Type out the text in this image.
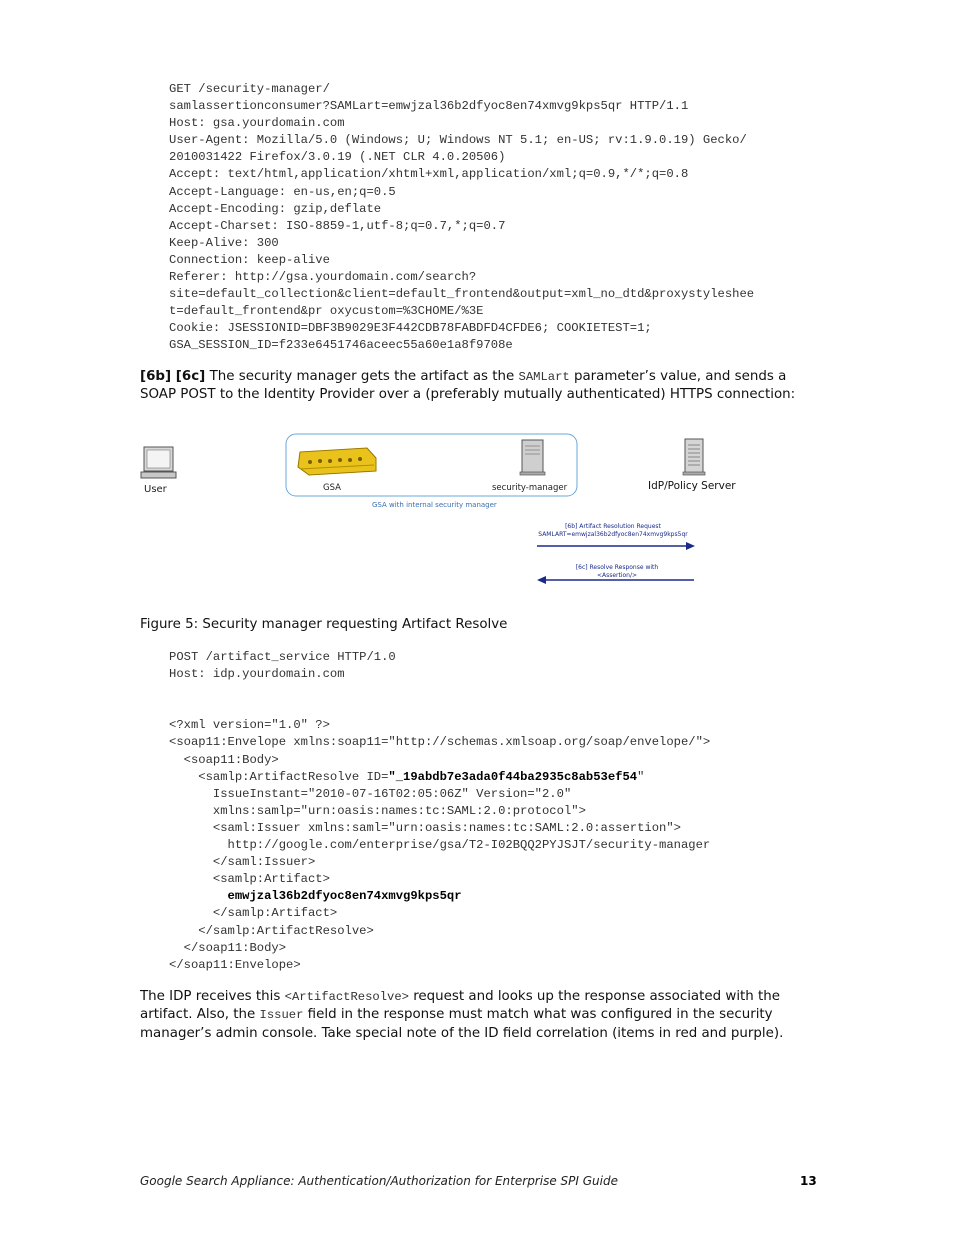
GET /security-manager/
samlassertionconsumer?SAMLart=emwjzal36b2dfyoc8en74xmvg9kps5qr HTTP/1.1
Host: gsa.yourdomain.com
User-Agent: Mozilla/5.0 (Windows; U; Windows NT 5.1; en-US; rv:1.9.0.19) Gecko/
2010031422 Firefox/3.0.19 (.NET CLR 4.0.20506)
Accept: text/html,application/xhtml+xml,application/xml;q=0.9,*/*;q=0.8
Accept-Language: en-us,en;q=0.5
Accept-Encoding: gzip,deflate
Accept-Charset: ISO-8859-1,utf-8;q=0.7,*;q=0.7
Keep-Alive: 300
Connection: keep-alive
Referer: http://gsa.yourdomain.com/search?
site=default_collection&client=default_frontend&output=xml_no_dtd&proxystyleshee
t=default_frontend&pr oxycustom=%3CHOME/%3E
Cookie: JSESSIONID=DBF3B9029E3F442CDB78FABDFD4CFDE6; COOKIETEST=1;
GSA_SESSION_ID=f233e6451746aceec55a60e1a8f9708e

[6b] [6c] The security manager gets the artifact as the SAMLart parameter’s value, and sends a SOAP POST to the Identity Provider over a (preferably mutually authenticated) HTTPS connection:

User	GSA	security-manager
GSA with internal security manager
IdP/Policy Server
[6b] Artifact Resolution Request
SAMLART=emwjzal36b2dfyoc8en74xmvg9kps5qr
[6c] Resolve Response with
<Assertion/>

Figure 5: Security manager requesting Artifact Resolve

POST /artifact_service HTTP/1.0
Host: idp.yourdomain.com
<?xml version="1.0" ?>
<soap11:Envelope xmlns:soap11="http://schemas.xmlsoap.org/soap/envelope/">
<soap11:Body>
<samlp:ArtifactResolve ID="_19abdb7e3ada0f44ba2935c8ab53ef54"
IssueInstant="2010-07-16T02:05:06Z" Version="2.0"
xmlns:samlp="urn:oasis:names:tc:SAML:2.0:protocol">
<saml:Issuer xmlns:saml="urn:oasis:names:tc:SAML:2.0:assertion">
http://google.com/enterprise/gsa/T2-I02BQQ2PYJSJT/security-manager
</saml:Issuer>
<samlp:Artifact>
emwjzal36b2dfyoc8en74xmvg9kps5qr
</samlp:Artifact>
</samlp:ArtifactResolve>
</soap11:Body>
</soap11:Envelope>

The IDP receives this <ArtifactResolve> request and looks up the response associated with the artifact. Also, the Issuer field in the response must match what was configured in the security manager’s admin console. Take special note of the ID field correlation (items in red and purple).

Google Search Appliance: Authentication/Authorization for Enterprise SPI Guide	13
